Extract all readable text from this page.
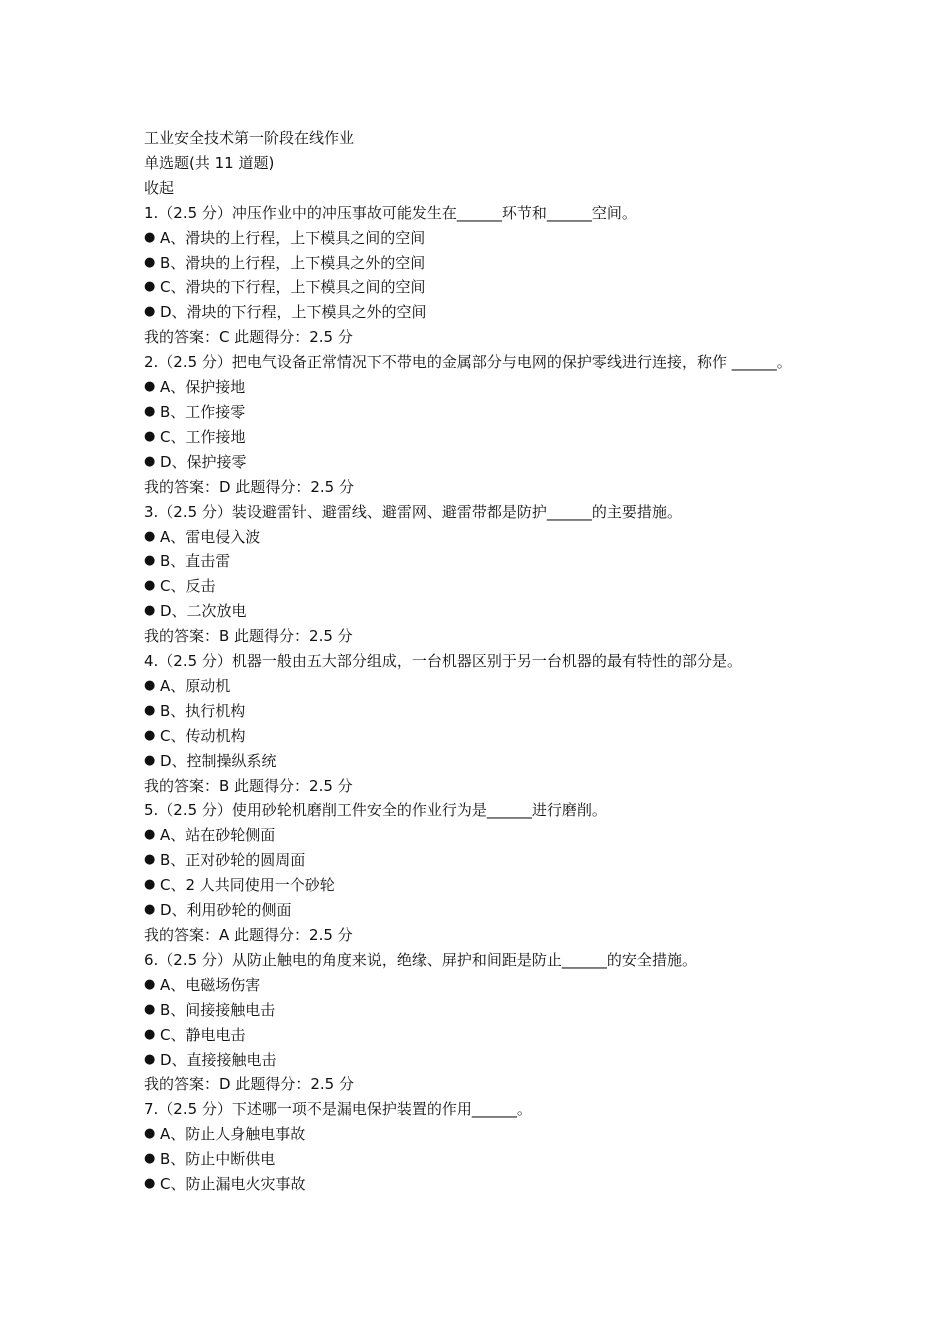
工业安全技术第一阶段在线作业
单选题(共 11 道题)
收起
1.（2.5 分）冲压作业中的冲压事故可能发生在______环节和______空间。
● A、滑块的上行程，上下模具之间的空间
● B、滑块的上行程，上下模具之外的空间
● C、滑块的下行程，上下模具之间的空间
● D、滑块的下行程，上下模具之外的空间
我的答案：C 此题得分：2.5 分
2.（2.5 分）把电气设备正常情况下不带电的金属部分与电网的保护零线进行连接，称作 ______。
● A、保护接地
● B、工作接零
● C、工作接地
● D、保护接零
我的答案：D 此题得分：2.5 分
3.（2.5 分）装设避雷针、避雷线、避雷网、避雷带都是防护______的主要措施。
● A、雷电侵入波
● B、直击雷
● C、反击
● D、二次放电
我的答案：B 此题得分：2.5 分
4.（2.5 分）机器一般由五大部分组成，一台机器区别于另一台机器的最有特性的部分是。
● A、原动机
● B、执行机构
● C、传动机构
● D、控制操纵系统
我的答案：B 此题得分：2.5 分
5.（2.5 分）使用砂轮机磨削工件安全的作业行为是______进行磨削。
● A、站在砂轮侧面
● B、正对砂轮的圆周面
● C、2 人共同使用一个砂轮
● D、利用砂轮的侧面
我的答案：A 此题得分：2.5 分
6.（2.5 分）从防止触电的角度来说，绝缘、屏护和间距是防止______的安全措施。
● A、电磁场伤害
● B、间接接触电击
● C、静电电击
● D、直接接触电击
我的答案：D 此题得分：2.5 分
7.（2.5 分）下述哪一项不是漏电保护装置的作用______。
● A、防止人身触电事故
● B、防止中断供电
● C、防止漏电火灾事故
